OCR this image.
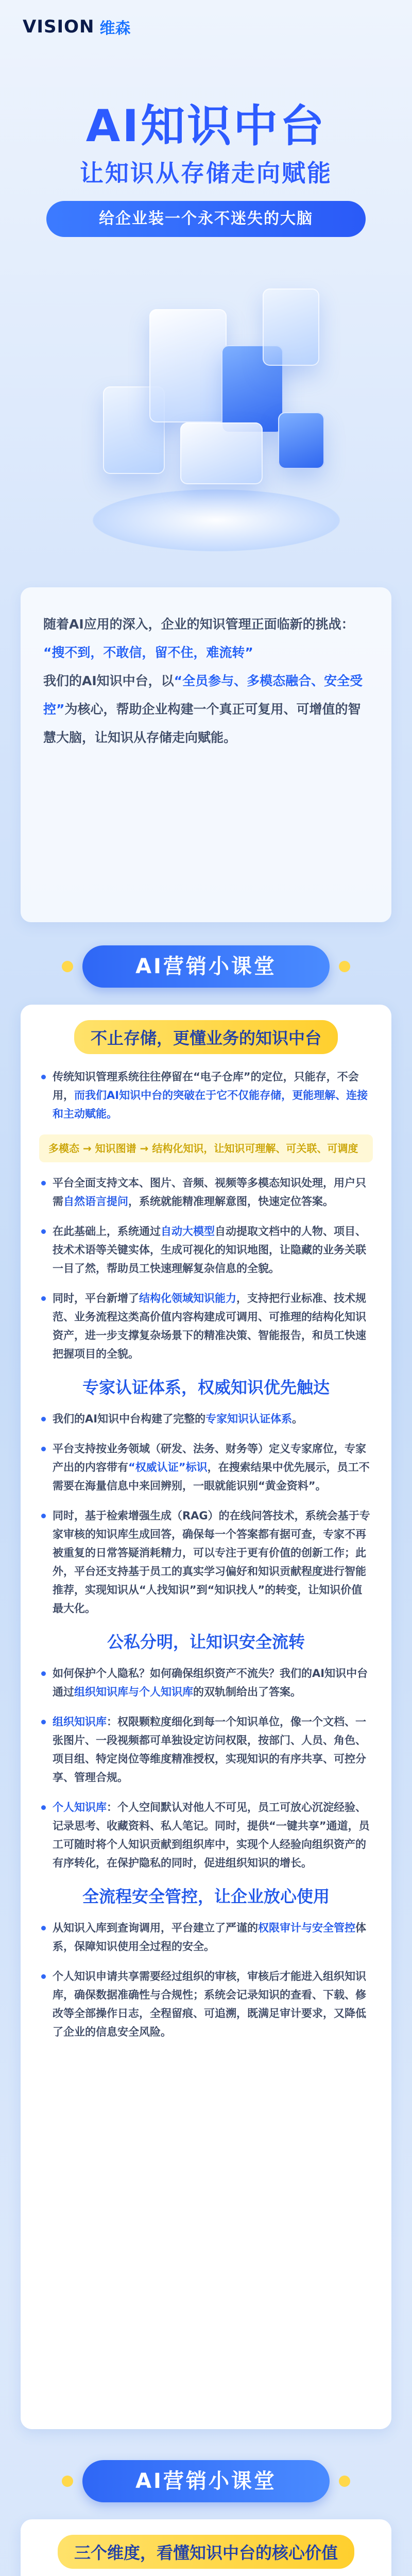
VISION 维森
AI知识中台
让知识从存储走向赋能
给企业装一个永不迷失的大脑

随着AI应用的深入，企业的知识管理正面临新的挑战：

“搜不到，不敢信，留不住，难流转”

我们的AI知识中台，以“全员参与、多模态融合、安全受控”为核心，帮助企业构建一个真正可复用、可增值的智慧大脑，让知识从存储走向赋能。

AI营销小课堂
不止存储，更懂业务的知识中台
传统知识管理系统往往停留在“电子仓库”的定位，只能存，不会用，而我们AI知识中台的突破在于它不仅能存储，更能理解、连接和主动赋能。
多模态 → 知识图谱 → 结构化知识，让知识可理解、可关联、可调度
平台全面支持文本、图片、音频、视频等多模态知识处理，用户只需自然语言提问，系统就能精准理解意图，快速定位答案。
在此基础上，系统通过自动大模型自动提取文档中的人物、项目、技术术语等关键实体，生成可视化的知识地图，让隐藏的业务关联一目了然，帮助员工快速理解复杂信息的全貌。
同时，平台新增了结构化领域知识能力，支持把行业标准、技术规范、业务流程这类高价值内容构建成可调用、可推理的结构化知识资产，进一步支撑复杂场景下的精准决策、智能报告，和员工快速把握项目的全貌。
专家认证体系，权威知识优先触达
我们的AI知识中台构建了完整的专家知识认证体系。
平台支持按业务领域（研发、法务、财务等）定义专家席位，专家产出的内容带有“权威认证”标识，在搜索结果中优先展示，员工不需要在海量信息中来回辨别，一眼就能识别“黄金资料”。
同时，基于检索增强生成（RAG）的在线问答技术，系统会基于专家审核的知识库生成回答，确保每一个答案都有据可查，专家不再被重复的日常答疑消耗精力，可以专注于更有价值的创新工作；此外，平台还支持基于员工的真实学习偏好和知识贡献程度进行智能推荐，实现知识从“人找知识”到“知识找人”的转变，让知识价值最大化。
公私分明，让知识安全流转
如何保护个人隐私？如何确保组织资产不流失？我们的AI知识中台通过组织知识库与个人知识库的双轨制给出了答案。
组织知识库：权限颗粒度细化到每一个知识单位，像一个文档、一张图片、一段视频都可单独设定访问权限，按部门、人员、角色、项目组、特定岗位等维度精准授权，实现知识的有序共享、可控分享、管理合规。
个人知识库：个人空间默认对他人不可见，员工可放心沉淀经验、记录思考、收藏资料、私人笔记。同时，提供“一键共享”通道，员工可随时将个人知识贡献到组织库中，实现个人经验向组织资产的有序转化，在保护隐私的同时，促进组织知识的增长。
全流程安全管控，让企业放心使用
从知识入库到查询调用，平台建立了严谨的权限审计与安全管控体系，保障知识使用全过程的安全。
个人知识申请共享需要经过组织的审核，审核后才能进入组织知识库，确保数据准确性与合规性；系统会记录知识的查看、下载、修改等全部操作日志，全程留痕、可追溯，既满足审计要求，又降低了企业的信息安全风险。
AI营销小课堂
三个维度，看懂知识中台的核心价值
